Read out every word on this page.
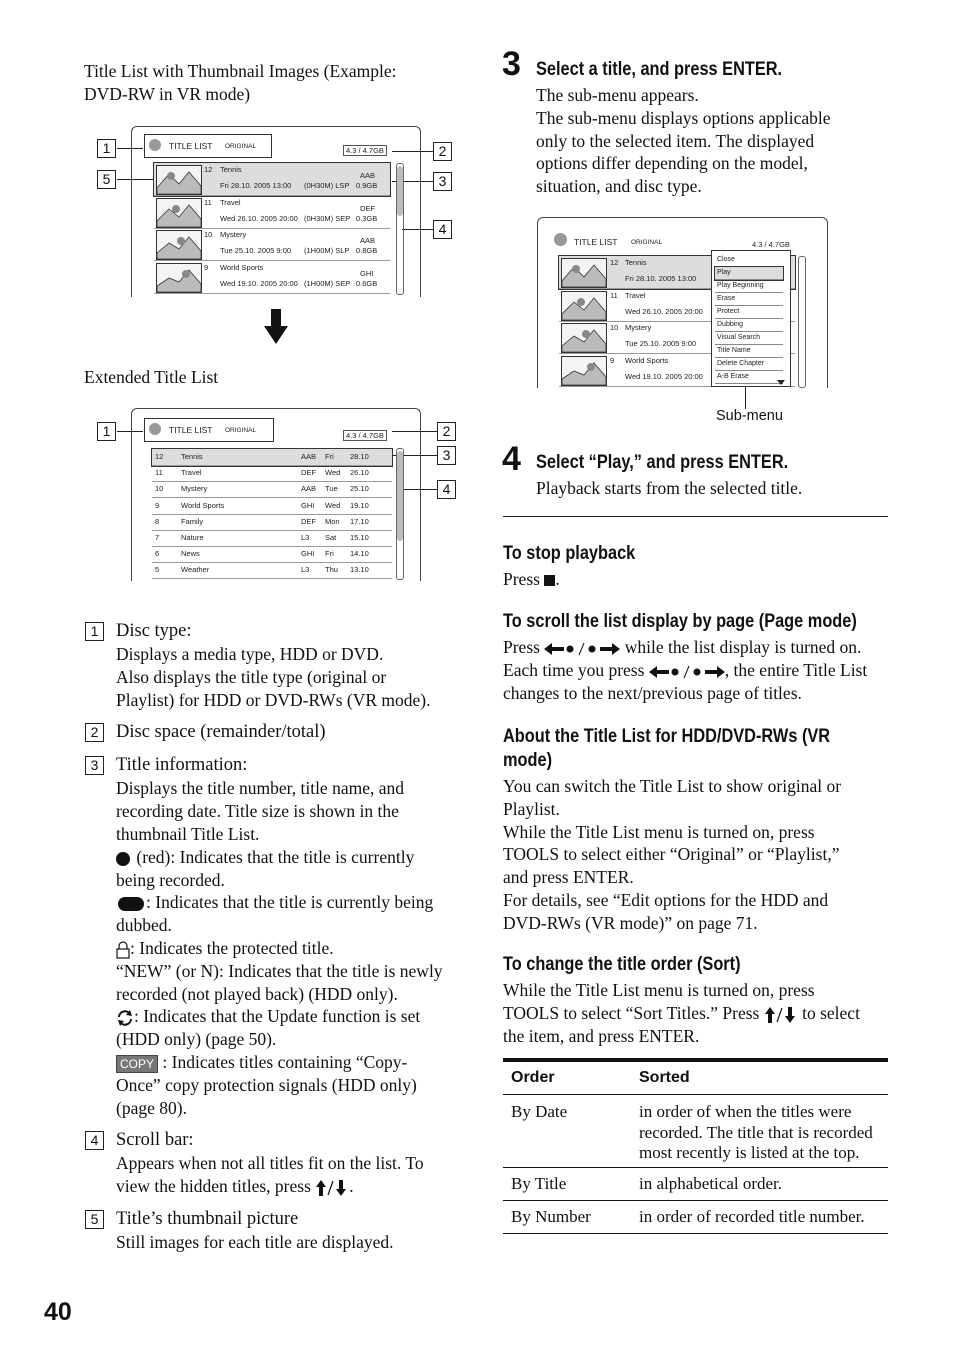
Title List with Thumbnail Images (Example:
DVD-RW in VR mode)
1
5
2
3
4
TITLE LIST ORIGINAL	4.3 / 4.7GB
12 Tennis
AAB
Fri 28.10. 2005 13:00 (0H30M) LSP 0.9GB
11 Travel
DEF
Wed 26.10. 2005 20:00 (0H30M) SEP 0.3GB
10 Mystery
AAB
Tue 25.10. 2005 9:00 (1H00M) SLP 0.8GB
9 World Sports
GHI
Wed 19.10. 2005 20:00 (1H00M) SEP 0.6GB
Extended Title List
1	2
3
4
TITLE LIST ORIGINAL
4.3 / 4.7GB
12 Tennis	AAB Fri 28.10
11 Travel	DEF Wed 26.10
10 Mystery	AAB Tue 25.10
9	World Sports	GHI Wed 19.10
8	Family	DEF Mon 17.10
7	Nature	L3 Sat 15.10
6	News	GHI Fri 14.10
5	Weather	L3 Thu 13.10
1 Disc type:
Displays a media type, HDD or DVD.
Also displays the title type (original or
Playlist) for HDD or DVD-RWs (VR mode).
2 Disc space (remainder/total)
3 Title information:
Displays the title number, title name, and
recording date. Title size is shown in the
thumbnail Title List.
(red): Indicates that the title is currently
being recorded.
: Indicates that the title is currently being
dubbed.
: Indicates the protected title.
“NEW” (or N): Indicates that the title is newly
recorded (not played back) (HDD only).
: Indicates that the Update function is set
(HDD only) (page 50).
COPY : Indicates titles containing “Copy-
Once” copy protection signals (HDD only)
(page 80).
4 Scroll bar:
Appears when not all titles fit on the list. To
view the hidden titles, press .
5 Title’s thumbnail picture
Still images for each title are displayed.
40
3 Select a title, and press ENTER.
The sub-menu appears.
The sub-menu displays options applicable
only to the selected item. The displayed
options differ depending on the model,
situation, and disc type.
TITLE LIST ORIGINAL	4.3 / 4.7GB
12 Tennis
Fri 28.10. 2005 13:00
11 Travel
Wed 26.10. 2005 20:00
10 Mystery
Tue 25.10. 2005 9:00
9 World Sports
Wed 19.10. 2005 20:00
Close
Play
Play Beginning
Erase
Protect
Dubbing
Visual Search
Title Name
Delete Chapter
A-B Erase
Sub-menu
4 Select “Play,” and press ENTER.
Playback starts from the selected title.
To stop playback
Press .
To scroll the list display by page (Page mode)
Press	while the list display is turned on.
Each time you press	, the entire Title List
changes to the next/previous page of titles.
About the Title List for HDD/DVD-RWs (VR
mode)
You can switch the Title List to show original or
Playlist.
While the Title List menu is turned on, press
TOOLS to select either “Original” or “Playlist,”
and press ENTER.
For details, see “Edit options for the HDD and
DVD-RWs (VR mode)” on page 71.
To change the title order (Sort)
While the Title List menu is turned on, press
TOOLS to select “Sort Titles.” Press  to select
the item, and press ENTER.
Order	Sorted
By Date	in order of when the titles were
recorded. The title that is recorded
most recently is listed at the top.
By Title	in alphabetical order.
By Number	in order of recorded title number.
